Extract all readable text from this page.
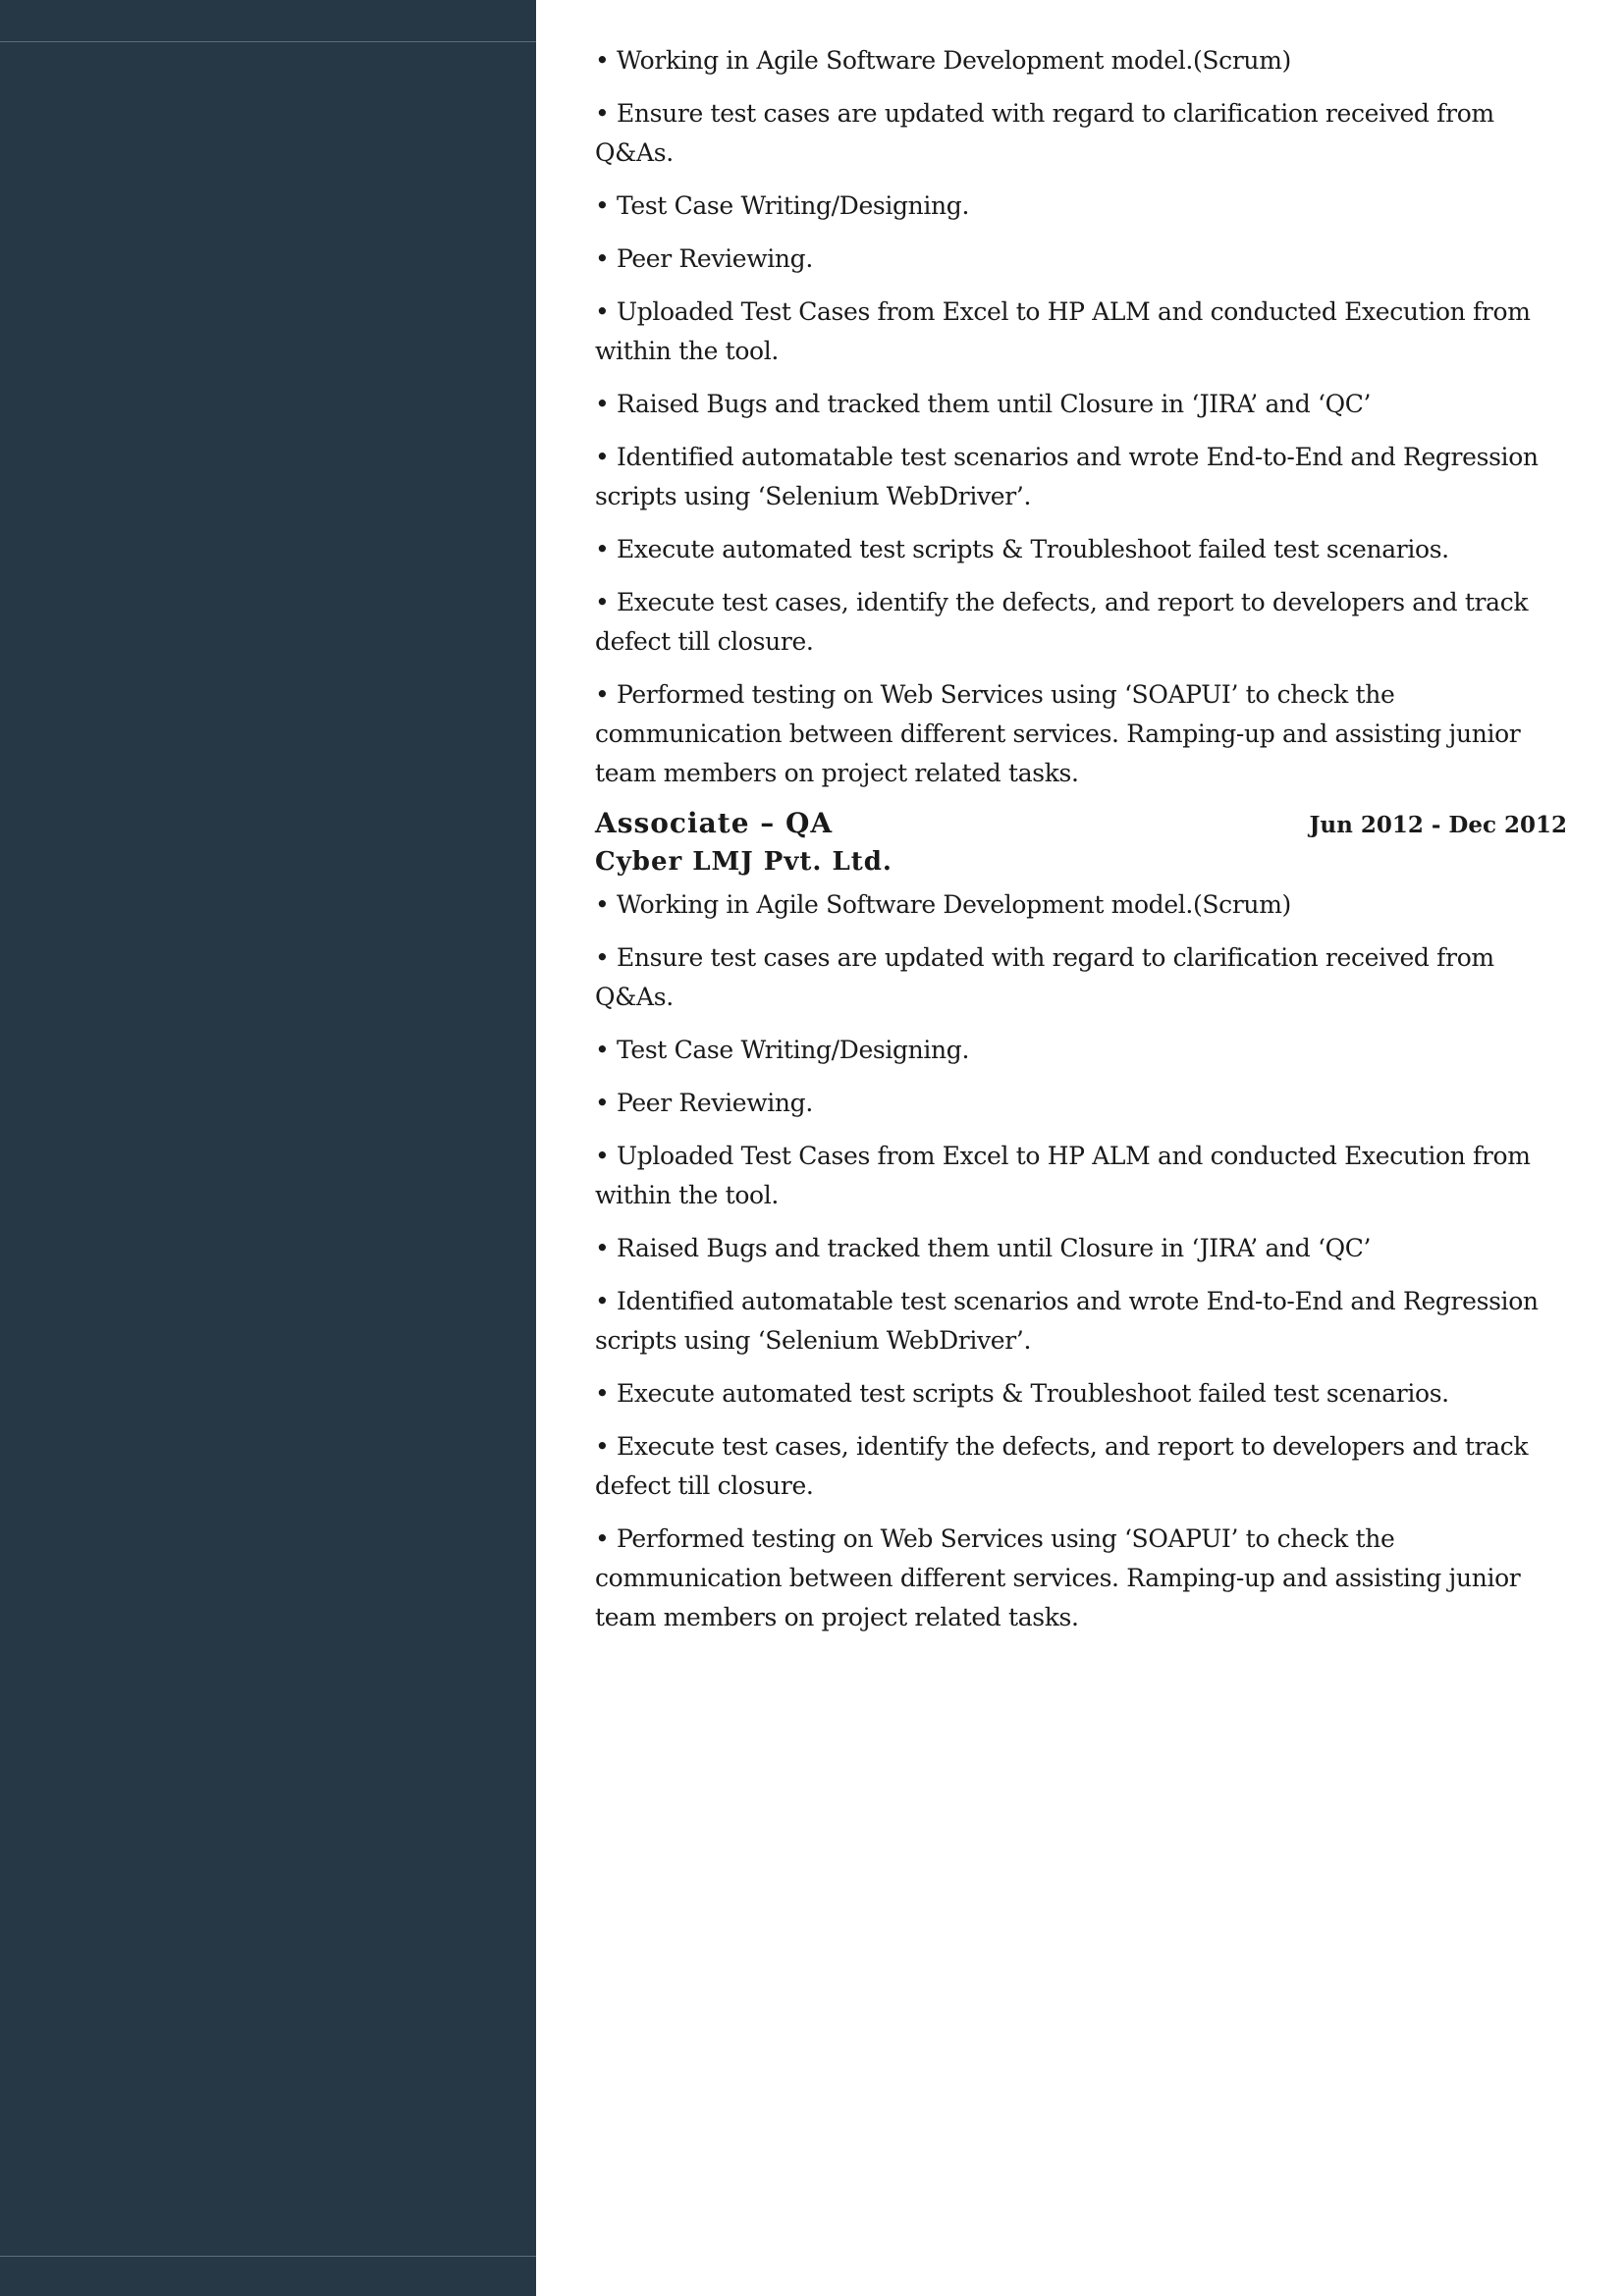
• Working in Agile Software Development model.(Scrum)
• Ensure test cases are updated with regard to clarification received from Q&As.
• Test Case Writing/Designing.
• Peer Reviewing.
• Uploaded Test Cases from Excel to HP ALM and conducted Execution from within the tool.
• Raised Bugs and tracked them until Closure in ‘JIRA’ and ‘QC’
• Identified automatable test scenarios and wrote End-to-End and Regression scripts using ‘Selenium WebDriver’.
• Execute automated test scripts & Troubleshoot failed test scenarios.
• Execute test cases, identify the defects, and report to developers and track defect till closure.
• Performed testing on Web Services using ‘SOAPUI’ to check the communication between different services. Ramping-up and assisting junior team members on project related tasks.
Associate – QA	Jun 2012 - Dec 2012
Cyber LMJ Pvt. Ltd.
• Working in Agile Software Development model.(Scrum)
• Ensure test cases are updated with regard to clarification received from Q&As.
• Test Case Writing/Designing.
• Peer Reviewing.
• Uploaded Test Cases from Excel to HP ALM and conducted Execution from within the tool.
• Raised Bugs and tracked them until Closure in ‘JIRA’ and ‘QC’
• Identified automatable test scenarios and wrote End-to-End and Regression scripts using ‘Selenium WebDriver’.
• Execute automated test scripts & Troubleshoot failed test scenarios.
• Execute test cases, identify the defects, and report to developers and track defect till closure.
• Performed testing on Web Services using ‘SOAPUI’ to check the communication between different services. Ramping-up and assisting junior team members on project related tasks.
